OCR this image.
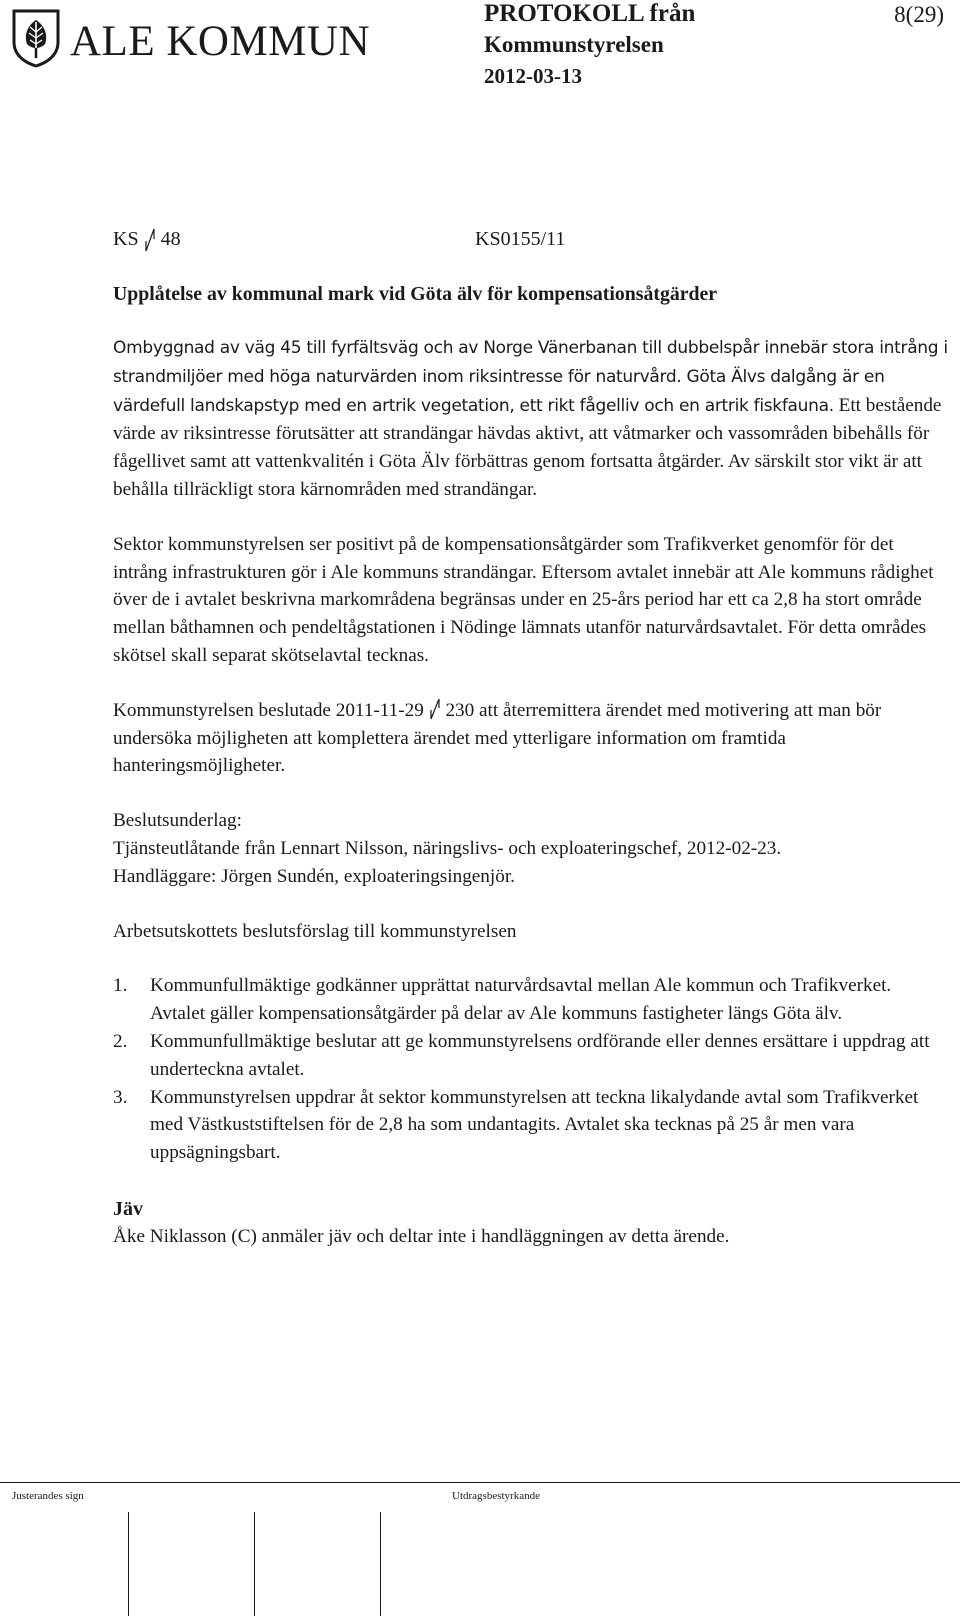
ALE KOMMUN
PROTOKOLL från
Kommunstyrelsen
2012-03-13
8(29)
KS 48	KS0155/11
Upplåtelse av kommunal mark vid Göta älv för kompensationsåtgärder

Ombyggnad av väg 45 till fyrfältsväg och av Norge Vänerbanan till dubbelspår innebär stora intrång i strandmiljöer med höga naturvärden inom riksintresse för naturvård. Göta Älvs dalgång är en värdefull landskapstyp med en artrik vegetation, ett rikt fågelliv och en artrik fiskfauna. Ett bestående värde av riksintresse förutsätter att strandängar hävdas aktivt, att våtmarker och vassområden bibehålls för fågellivet samt att vattenkvalitén i Göta Älv förbättras genom fortsatta åtgärder. Av särskilt stor vikt är att behålla tillräckligt stora kärnområden med strandängar.

Sektor kommunstyrelsen ser positivt på de kompensationsåtgärder som Trafikverket genomför för det intrång infrastrukturen gör i Ale kommuns strandängar. Eftersom avtalet innebär att Ale kommuns rådighet över de i avtalet beskrivna markområdena begränsas under en 25-års period har ett ca 2,8 ha stort område mellan båthamnen och pendeltågstationen i Nödinge lämnats utanför naturvårdsavtalet. För detta områdes skötsel skall separat skötselavtal tecknas.

Kommunstyrelsen beslutade 2011-11-29  230 att återremittera ärendet med motivering att man bör undersöka möjligheten att komplettera ärendet med ytterligare information om framtida hanteringsmöjligheter.

Beslutsunderlag:

Tjänsteutlåtande från Lennart Nilsson, näringslivs- och exploateringschef, 2012-02-23.

Handläggare: Jörgen Sundén, exploateringsingenjör.

Arbetsutskottets beslutsförslag till kommunstyrelsen

1. Kommunfullmäktige godkänner upprättat naturvårdsavtal mellan Ale kommun och Trafikverket. Avtalet gäller kompensationsåtgärder på delar av Ale kommuns fastigheter längs Göta älv.
2. Kommunfullmäktige beslutar att ge kommunstyrelsens ordförande eller dennes ersättare i uppdrag att underteckna avtalet.
3. Kommunstyrelsen uppdrar åt sektor kommunstyrelsen att teckna likalydande avtal som Trafikverket med Västkuststiftelsen för de 2,8 ha som undantagits. Avtalet ska tecknas på 25 år men vara uppsägningsbart.

Jäv

Åke Niklasson (C) anmäler jäv och deltar inte i handläggningen av detta ärende.

Justerandes sign	Utdragsbestyrkande
